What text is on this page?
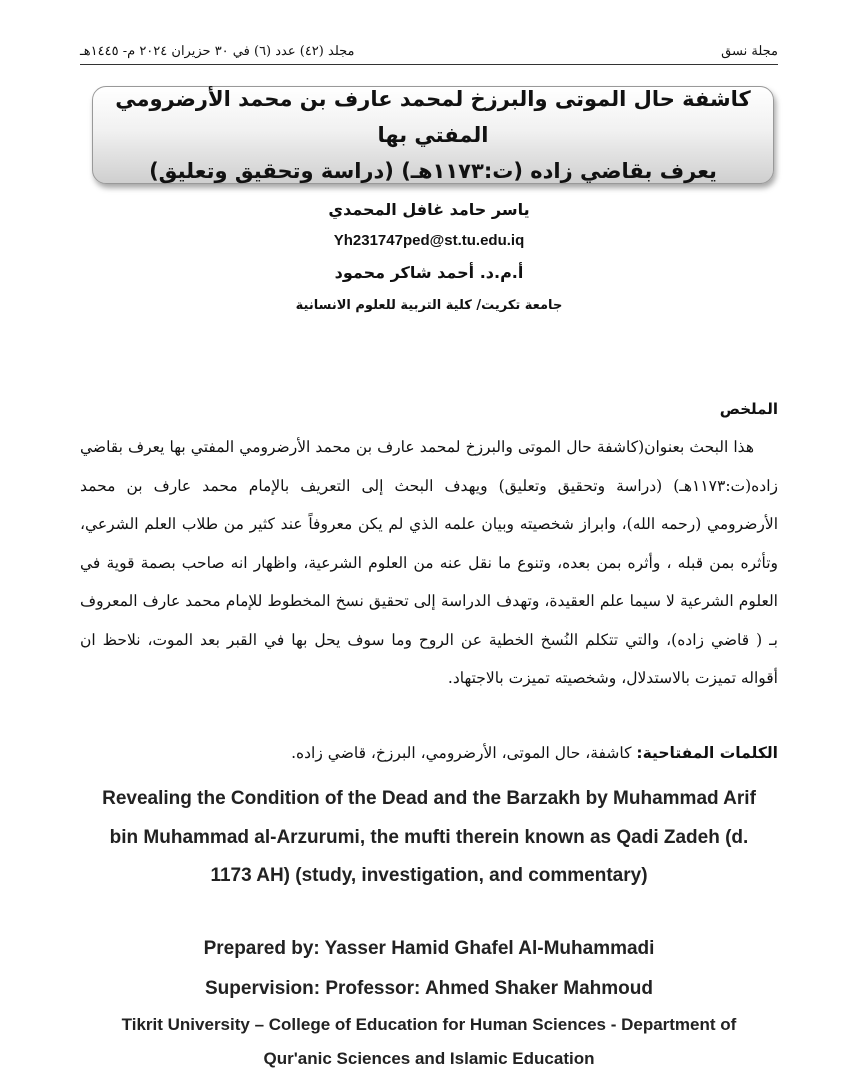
مجلد (٤٢) عدد (٦) في ٣٠ حزيران ٢٠٢٤ م- ١٤٤٥هـ	مجلة نسق
كاشفة حال الموتى والبرزخ لمحمد عارف بن محمد الأرضرومي المفتي بها
يعرف بقاضي زاده (ت:١١٧٣هـ) (دراسة وتحقيق وتعليق)
ياسر حامد غافل المحمدي
Yh231747ped@st.tu.edu.iq
أ.م.د. أحمد شاكر محمود
جامعة تكريت/ كلية التربية للعلوم الانسانية
الملخص
هذا البحث بعنوان(كاشفة حال الموتى والبرزخ لمحمد عارف بن محمد الأرضرومي المفتي بها يعرف بقاضي زاده(ت:١١٧٣هـ) (دراسة وتحقيق وتعليق) ويهدف البحث إلى التعريف بالإمام محمد عارف بن محمد الأرضرومي (رحمه الله)، وابراز شخصيته وبيان علمه الذي لم يكن معروفاً عند كثير من طلاب العلم الشرعي، وتأثره بمن قبله ، وأثره بمن بعده، وتنوع ما نقل عنه من العلوم الشرعية، واظهار انه صاحب بصمة قوية في العلوم الشرعية لا سيما علم العقيدة، وتهدف الدراسة إلى تحقيق نسخ المخطوط للإمام محمد عارف المعروف بـ ( قاضي زاده)، والتي تتكلم النُسخ الخطية عن الروح وما سوف يحل بها في القبر بعد الموت، نلاحظ ان أقواله تميزت بالاستدلال، وشخصيته تميزت بالاجتهاد.
الكلمات المفتاحية: كاشفة، حال الموتى، الأرضرومي، البرزخ، قاضي زاده.
Revealing the Condition of the Dead and the Barzakh by Muhammad Arif bin Muhammad al-Arzurumi, the mufti therein known as Qadi Zadeh (d. 1173 AH) (study, investigation, and commentary)
Prepared by: Yasser Hamid Ghafel Al-Muhammadi
Supervision: Professor: Ahmed Shaker Mahmoud
Tikrit University – College of Education for Human Sciences - Department of Qur'anic Sciences and Islamic Education
